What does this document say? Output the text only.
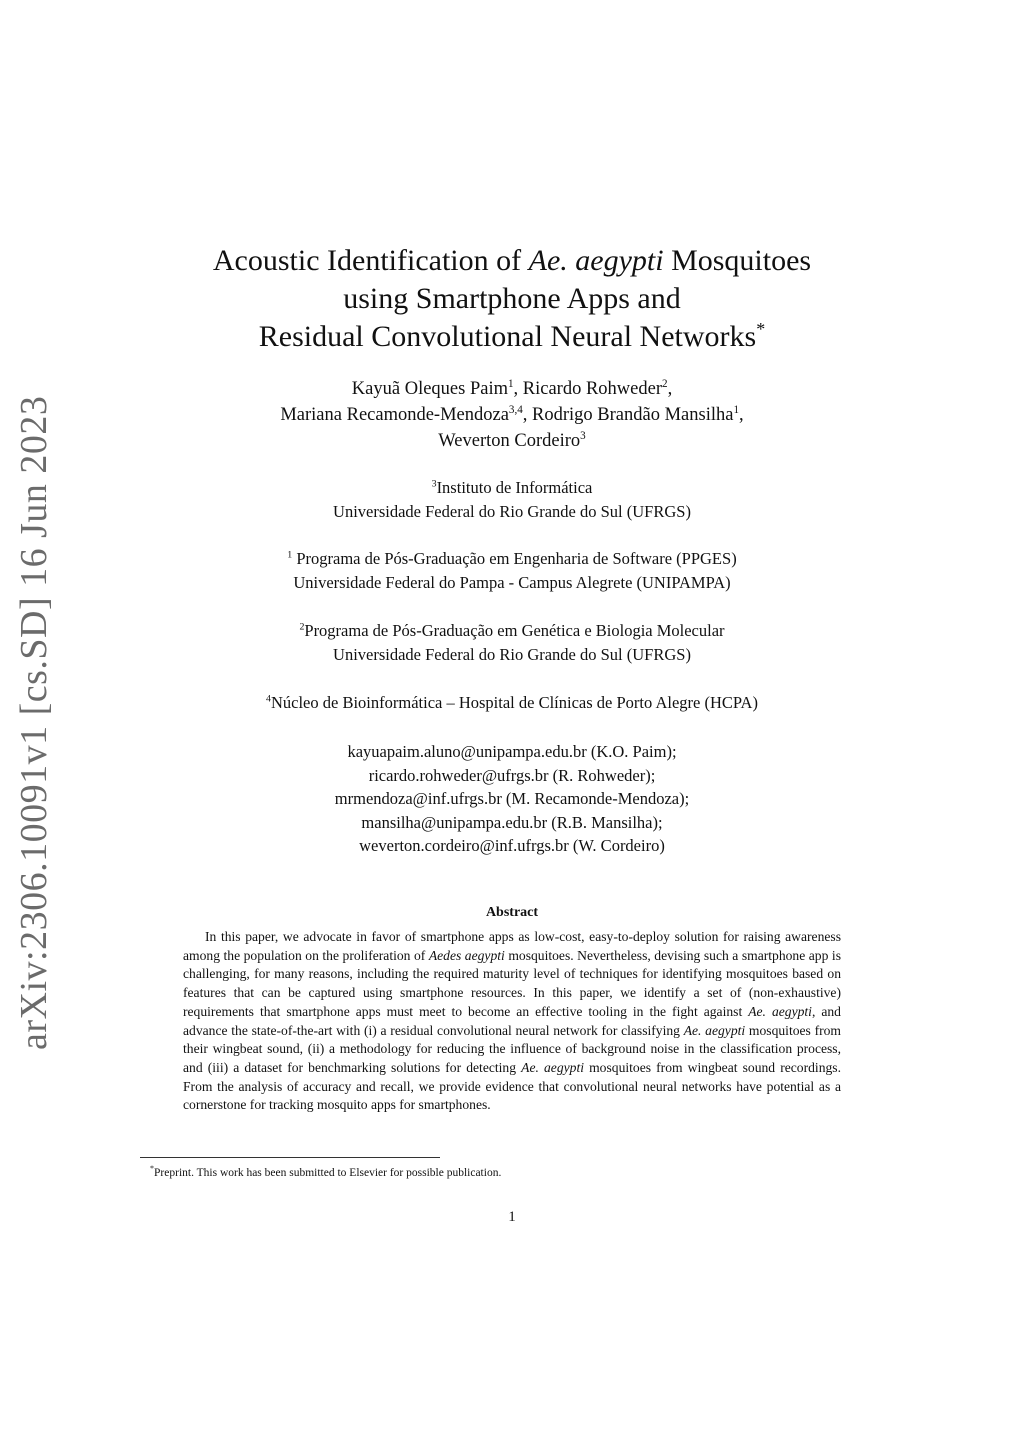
arXiv:2306.10091v1 [cs.SD] 16 Jun 2023
Acoustic Identification of Ae. aegypti Mosquitoes
using Smartphone Apps and
Residual Convolutional Neural Networks*
Kayuã Oleques Paim$^1$, Ricardo Rohweder$^2$,
Mariana Recamonde-Mendoza$^{3,4}$, Rodrigo Brandão Mansilha$^1$,
Weverton Cordeiro$^3$
$^3$Instituto de Informática
Universidade Federal do Rio Grande do Sul (UFRGS)
$^1$ Programa de Pós-Graduação em Engenharia de Software (PPGES)
Universidade Federal do Pampa - Campus Alegrete (UNIPAMPA)
$^2$Programa de Pós-Graduação em Genética e Biologia Molecular
Universidade Federal do Rio Grande do Sul (UFRGS)
$^4$Núcleo de Bioinformática – Hospital de Clínicas de Porto Alegre (HCPA)
kayuapaim.aluno@unipampa.edu.br (K.O. Paim);
ricardo.rohweder@ufrgs.br (R. Rohweder);
mrmendoza@inf.ufrgs.br (M. Recamonde-Mendoza);
mansilha@unipampa.edu.br (R.B. Mansilha);
weverton.cordeiro@inf.ufrgs.br (W. Cordeiro)
Abstract

In this paper, we advocate in favor of smartphone apps as low-cost, easy-to-deploy solution for raising awareness among the population on the proliferation of Aedes aegypti mosquitoes. Nevertheless, devising such a smartphone app is challenging, for many reasons, including the required maturity level of techniques for identifying mosquitoes based on features that can be captured using smartphone resources. In this paper, we identify a set of (non-exhaustive) requirements that smartphone apps must meet to become an effective tooling in the fight against Ae. aegypti, and advance the state-of-the-art with (i) a residual convolutional neural network for classifying Ae. aegypti mosquitoes from their wingbeat sound, (ii) a methodology for reducing the influence of background noise in the classification process, and (iii) a dataset for benchmarking solutions for detecting Ae. aegypti mosquitoes from wingbeat sound recordings. From the analysis of accuracy and recall, we provide evidence that convolutional neural networks have potential as a cornerstone for tracking mosquito apps for smartphones.

*Preprint. This work has been submitted to Elsevier for possible publication.
1
